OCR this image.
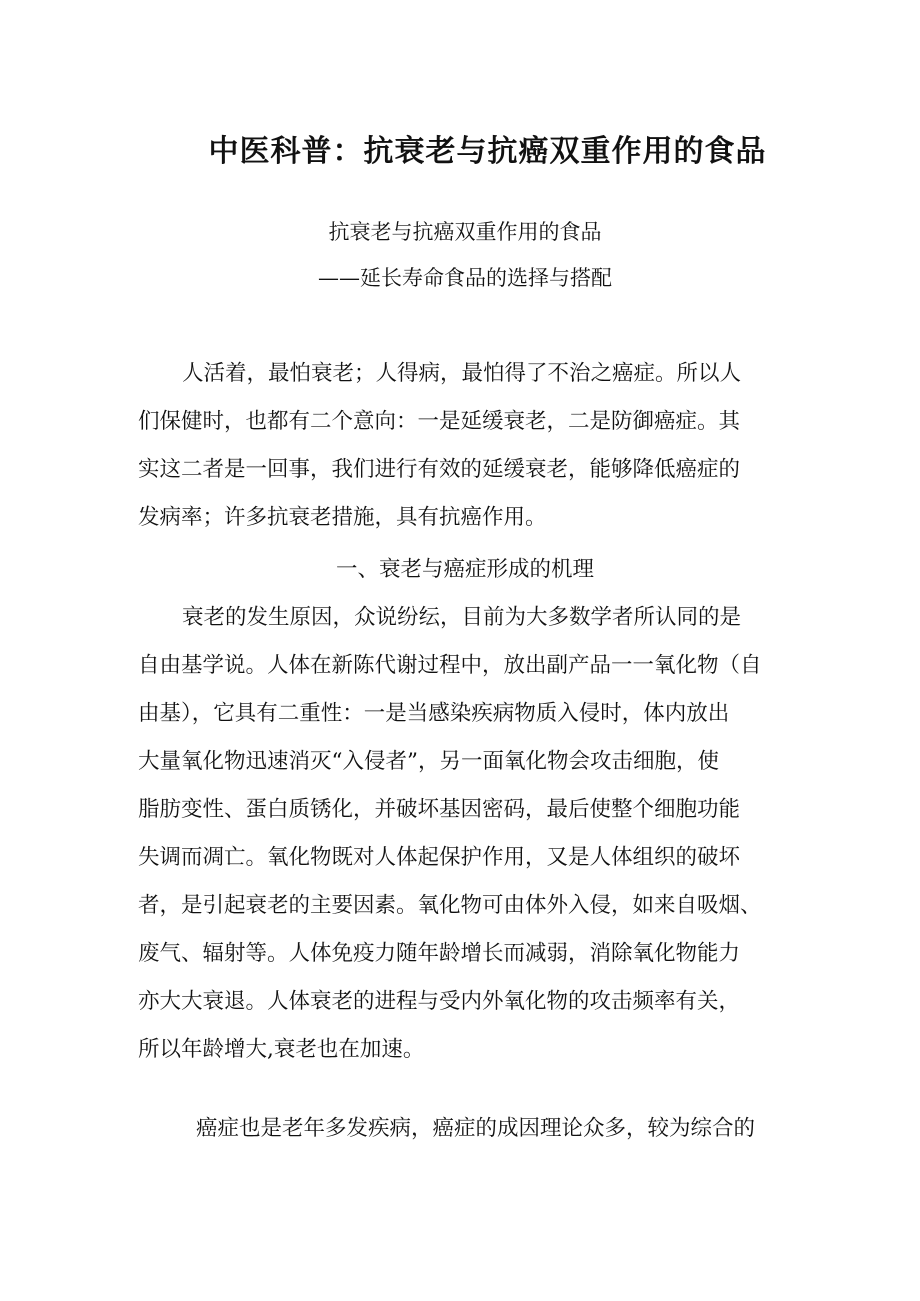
中医科普：抗衰老与抗癌双重作用的食品
抗衰老与抗癌双重作用的食品
——延长寿命食品的选择与搭配
人活着，最怕衰老；人得病，最怕得了不治之癌症。所以人
们保健时，也都有二个意向：一是延缓衰老，二是防御癌症。其
实这二者是一回事，我们进行有效的延缓衰老，能够降低癌症的
发病率；许多抗衰老措施，具有抗癌作用。
一、衰老与癌症形成的机理
衰老的发生原因，众说纷纭，目前为大多数学者所认同的是
自由基学说。人体在新陈代谢过程中，放出副产品一一氧化物（自
由基），它具有二重性：一是当感染疾病物质入侵时，体内放出
大量氧化物迅速消灭“入侵者”，另一面氧化物会攻击细胞，使
脂肪变性、蛋白质锈化，并破坏基因密码，最后使整个细胞功能
失调而凋亡。氧化物既对人体起保护作用，又是人体组织的破坏
者，是引起衰老的主要因素。氧化物可由体外入侵，如来自吸烟、
废气、辐射等。人体免疫力随年龄增长而减弱，消除氧化物能力
亦大大衰退。人体衰老的进程与受内外氧化物的攻击频率有关，
所以年龄增大,衰老也在加速。
癌症也是老年多发疾病，癌症的成因理论众多，较为综合的
